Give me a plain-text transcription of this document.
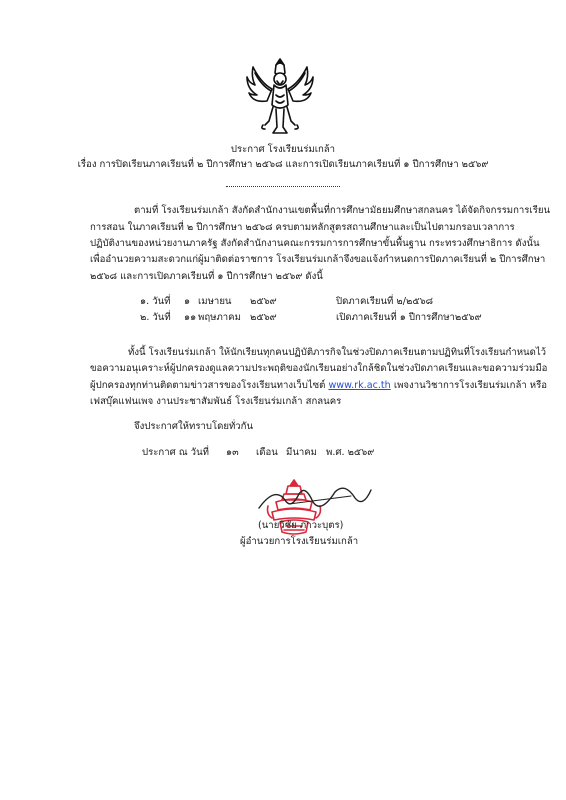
ประกาศ โรงเรียนร่มเกล้า
เรื่อง การปิดเรียนภาคเรียนที่ ๒ ปีการศึกษา ๒๕๖๘ และการเปิดเรียนภาคเรียนที่ ๑ ปีการศึกษา ๒๕๖๙
ตามที่ โรงเรียนร่มเกล้า สังกัดสำนักงานเขตพื้นที่การศึกษามัธยมศึกษาสกลนคร ได้จัดกิจกรรมการเรียน
การสอน ในภาคเรียนที่ ๒ ปีการศึกษา ๒๕๖๘ ครบตามหลักสูตรสถานศึกษาและเป็นไปตามกรอบเวลาการ
ปฏิบัติงานของหน่วยงานภาครัฐ สังกัดสำนักงานคณะกรรมการการศึกษาขั้นพื้นฐาน กระทรวงศึกษาธิการ ดังนั้น
เพื่ออำนวยความสะดวกแก่ผู้มาติดต่อราชการ โรงเรียนร่มเกล้าจึงขอแจ้งกำหนดการปิดภาคเรียนที่ ๒ ปีการศึกษา
๒๕๖๘ และการเปิดภาคเรียนที่ ๑ ปีการศึกษา ๒๕๖๙ ดังนี้
๑. วันที่ ๑ เมษายน ๒๕๖๙	ปิดภาคเรียนที่ ๒/๒๕๖๘
๒. วันที่ ๑๑ พฤษภาคม ๒๕๖๙	เปิดภาคเรียนที่ ๑ ปีการศึกษา๒๕๖๙
ทั้งนี้ โรงเรียนร่มเกล้า ให้นักเรียนทุกคนปฏิบัติภารกิจในช่วงปิดภาคเรียนตามปฏิทินที่โรงเรียนกำหนดไว้
ขอความอนุเคราะห์ผู้ปกครองดูแลความประพฤติของนักเรียนอย่างใกล้ชิดในช่วงปิดภาคเรียนและขอความร่วมมือ
ผู้ปกครองทุกท่านติดตามข่าวสารของโรงเรียนทางเว็บไซต์ www.rk.ac.th เพจงานวิชาการโรงเรียนร่มเกล้า หรือ
เฟสบุ๊คแฟนเพจ งานประชาสัมพันธ์ โรงเรียนร่มเกล้า สกลนคร
จึงประกาศให้ทราบโดยทั่วกัน
ประกาศ ณ วันที่ ๑๓ เดือน มีนาคม พ.ศ. ๒๕๖๙
(นายวิชัย ภาวะบุตร)
ผู้อำนวยการโรงเรียนร่มเกล้า
